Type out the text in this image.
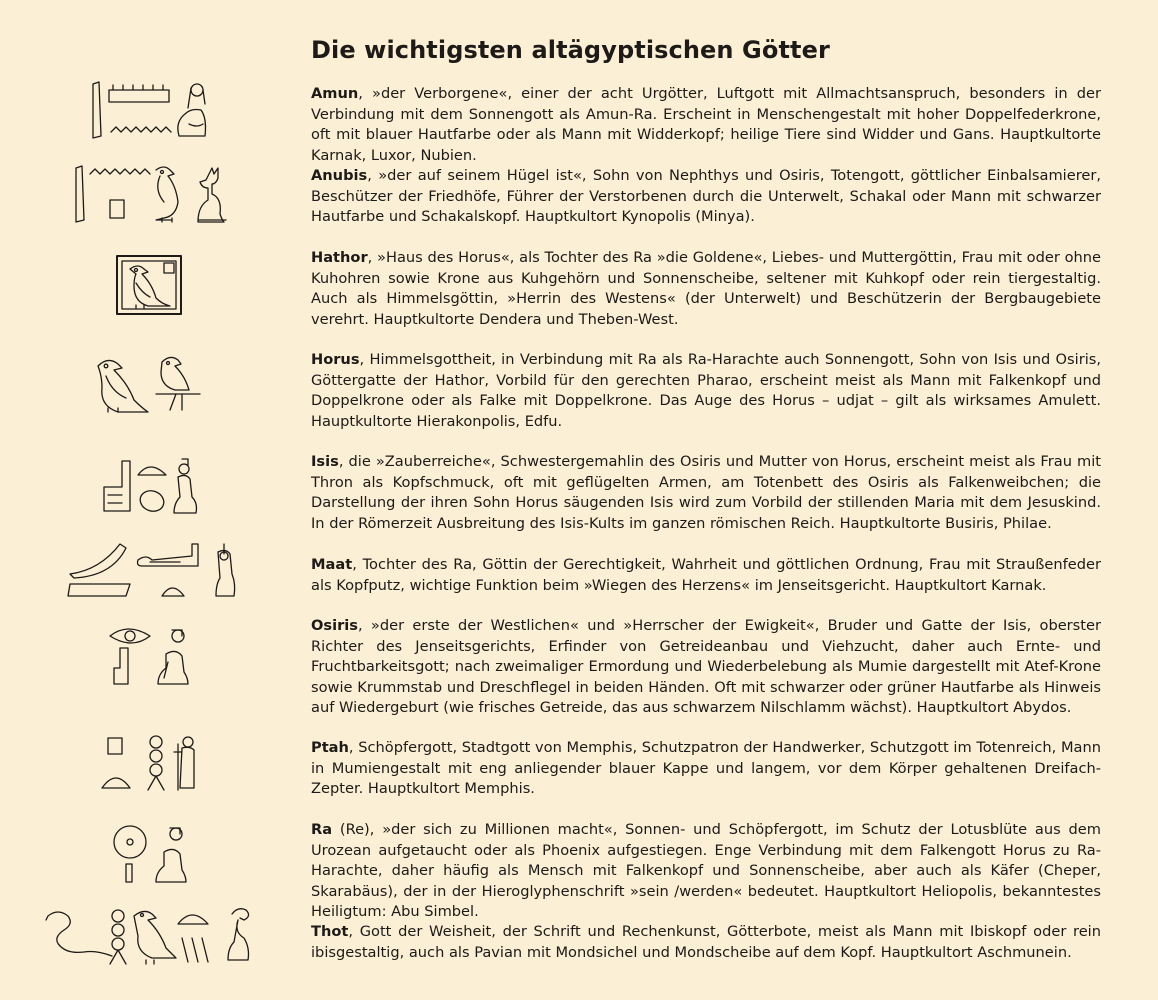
Die wichtigsten altägyptischen Götter

Amun, »der Verborgene«, einer der acht Urgötter, Luftgott mit Allmachtsanspruch, besonders in der Verbindung mit dem Sonnengott als Amun-Ra. Erscheint in Menschengestalt mit hoher Doppelfederkrone, oft mit blauer Hautfarbe oder als Mann mit Widderkopf; heilige Tiere sind Widder und Gans. Hauptkultorte Karnak, Luxor, Nubien.

Anubis, »der auf seinem Hügel ist«, Sohn von Nephthys und Osiris, Totengott, göttlicher Einbalsamierer, Beschützer der Friedhöfe, Führer der Verstorbenen durch die Unterwelt, Schakal oder Mann mit schwarzer Hautfarbe und Schakalskopf. Hauptkultort Kynopolis (Minya).

Hathor, »Haus des Horus«, als Tochter des Ra »die Goldene«, Liebes- und Muttergöttin, Frau mit oder ohne Kuhohren sowie Krone aus Kuhgehörn und Sonnenscheibe, seltener mit Kuhkopf oder rein tiergestaltig. Auch als Himmelsgöttin, »Herrin des Westens« (der Unterwelt) und Beschützerin der Bergbaugebiete verehrt. Hauptkultorte Dendera und Theben-West.

Horus, Himmelsgottheit, in Verbindung mit Ra als Ra-Harachte auch Sonnengott, Sohn von Isis und Osiris, Göttergatte der Hathor, Vorbild für den gerechten Pharao, erscheint meist als Mann mit Falkenkopf und Doppelkrone oder als Falke mit Doppelkrone. Das Auge des Horus – udjat – gilt als wirksames Amulett. Hauptkultorte Hierakonpolis, Edfu.

Isis, die »Zauberreiche«, Schwestergemahlin des Osiris und Mutter von Horus, erscheint meist als Frau mit Thron als Kopfschmuck, oft mit geflügelten Armen, am Totenbett des Osiris als Falkenweibchen; die Darstellung der ihren Sohn Horus säugenden Isis wird zum Vorbild der stillenden Maria mit dem Jesuskind. In der Römerzeit Ausbreitung des Isis-Kults im ganzen römischen Reich. Hauptkultorte Busiris, Philae.

Maat, Tochter des Ra, Göttin der Gerechtigkeit, Wahrheit und göttlichen Ordnung, Frau mit Straußenfeder als Kopfputz, wichtige Funktion beim »Wiegen des Herzens« im Jenseitsgericht. Hauptkultort Karnak.

Osiris, »der erste der Westlichen« und »Herrscher der Ewigkeit«, Bruder und Gatte der Isis, oberster Richter des Jenseitsgerichts, Erfinder von Getreideanbau und Viehzucht, daher auch Ernte- und Fruchtbarkeitsgott; nach zweimaliger Ermordung und Wiederbelebung als Mumie dargestellt mit Atef-Krone sowie Krummstab und Dreschflegel in beiden Händen. Oft mit schwarzer oder grüner Hautfarbe als Hinweis auf Wiedergeburt (wie frisches Getreide, das aus schwarzem Nilschlamm wächst). Hauptkultort Abydos.

Ptah, Schöpfergott, Stadtgott von Memphis, Schutzpatron der Handwerker, Schutzgott im Totenreich, Mann in Mumiengestalt mit eng anliegender blauer Kappe und langem, vor dem Körper gehaltenen Dreifach-Zepter. Hauptkultort Memphis.

Ra (Re), »der sich zu Millionen macht«, Sonnen- und Schöpfergott, im Schutz der Lotusblüte aus dem Urozean aufgetaucht oder als Phoenix aufgestiegen. Enge Verbindung mit dem Falkengott Horus zu Ra-Harachte, daher häufig als Mensch mit Falkenkopf und Sonnenscheibe, aber auch als Käfer (Cheper, Skarabäus), der in der Hieroglyphenschrift »sein /werden« bedeutet. Hauptkultort Heliopolis, bekanntestes Heiligtum: Abu Simbel.

Thot, Gott der Weisheit, der Schrift und Rechenkunst, Götterbote, meist als Mann mit Ibiskopf oder rein ibisgestaltig, auch als Pavian mit Mondsichel und Mondscheibe auf dem Kopf. Hauptkultort Aschmunein.
